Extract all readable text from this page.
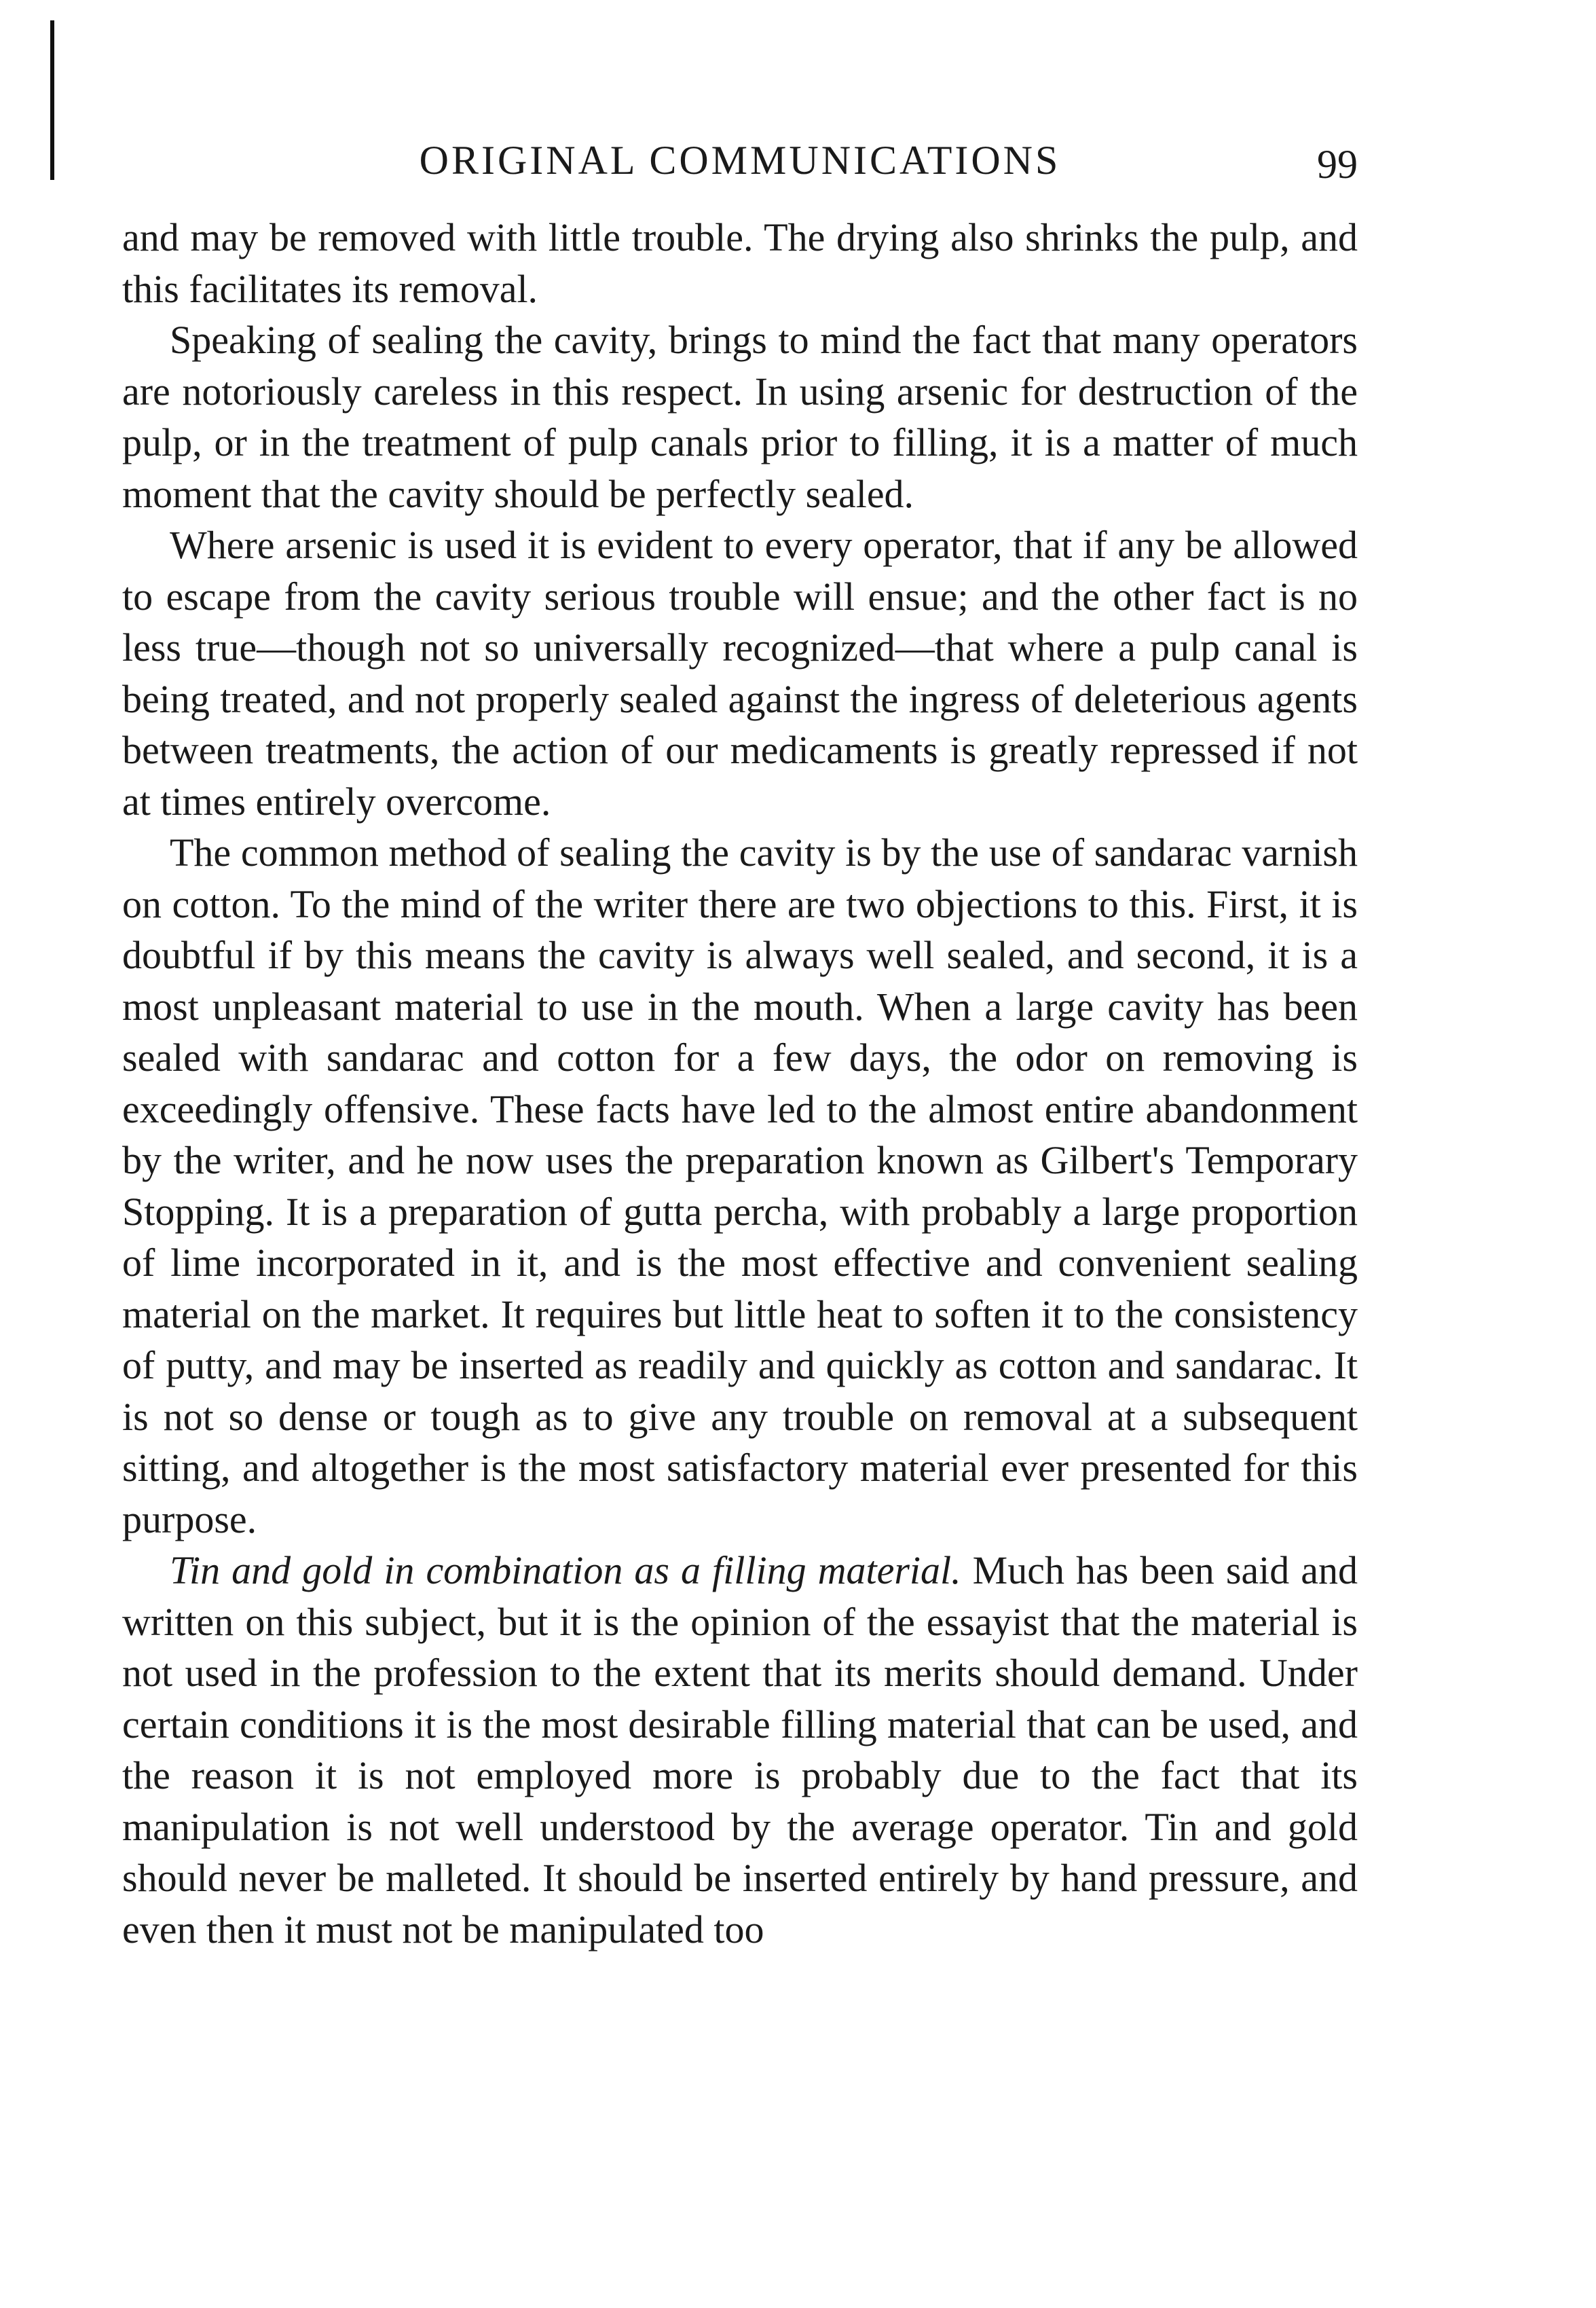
ORIGINAL COMMUNICATIONS	99

and may be removed with little trouble. The drying also shrinks the pulp, and this facilitates its removal.

Speaking of sealing the cavity, brings to mind the fact that many operators are notoriously careless in this respect. In using arsenic for destruction of the pulp, or in the treatment of pulp canals prior to filling, it is a matter of much moment that the cavity should be perfectly sealed.

Where arsenic is used it is evident to every operator, that if any be allowed to escape from the cavity serious trouble will ensue; and the other fact is no less true—though not so universally recognized—that where a pulp canal is being treated, and not properly sealed against the ingress of deleterious agents between treatments, the action of our medicaments is greatly repressed if not at times entirely overcome.

The common method of sealing the cavity is by the use of sandarac varnish on cotton. To the mind of the writer there are two objections to this. First, it is doubtful if by this means the cavity is always well sealed, and second, it is a most unpleasant material to use in the mouth. When a large cavity has been sealed with sandarac and cotton for a few days, the odor on removing is exceedingly offensive. These facts have led to the almost entire abandonment by the writer, and he now uses the preparation known as Gilbert's Temporary Stopping. It is a preparation of gutta percha, with probably a large proportion of lime incorporated in it, and is the most effective and convenient sealing material on the market. It requires but little heat to soften it to the consistency of putty, and may be inserted as readily and quickly as cotton and sandarac. It is not so dense or tough as to give any trouble on removal at a subsequent sitting, and altogether is the most satisfactory material ever presented for this purpose.

Tin and gold in combination as a filling material. Much has been said and written on this subject, but it is the opinion of the essayist that the material is not used in the profession to the extent that its merits should demand. Under certain conditions it is the most desirable filling material that can be used, and the reason it is not employed more is probably due to the fact that its manipulation is not well understood by the average operator. Tin and gold should never be malleted. It should be inserted entirely by hand pressure, and even then it must not be manipulated too
